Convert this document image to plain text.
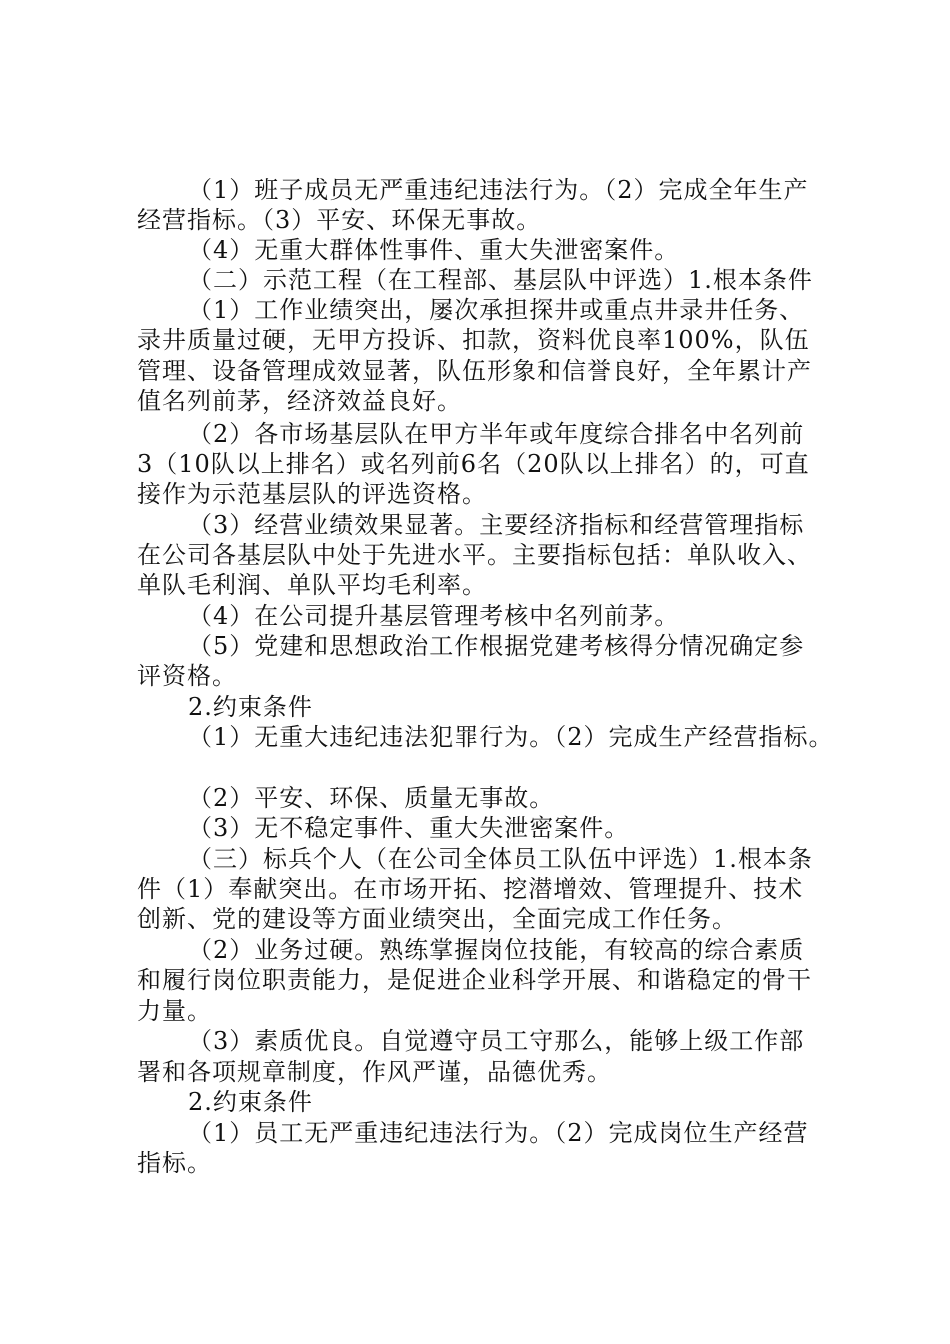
（1）班子成员无严重违纪违法行为。（2）完成全年生产

经营指标。（3）平安、环保无事故。

（4）无重大群体性事件、重大失泄密案件。

（二）示范工程（在工程部、基层队中评选）1.根本条件

（1）工作业绩突出，屡次承担探井或重点井录井任务、

录井质量过硬，无甲方投诉、扣款，资料优良率100%，队伍

管理、设备管理成效显著，队伍形象和信誉良好，全年累计产

值名列前茅，经济效益良好。

（2）各市场基层队在甲方半年或年度综合排名中名列前

3（10队以上排名）或名列前6名（20队以上排名）的，可直

接作为示范基层队的评选资格。

（3）经营业绩效果显著。主要经济指标和经营管理指标

在公司各基层队中处于先进水平。主要指标包括：单队收入、

单队毛利润、单队平均毛利率。

（4）在公司提升基层管理考核中名列前茅。

（5）党建和思想政治工作根据党建考核得分情况确定参

评资格。

2.约束条件

（1）无重大违纪违法犯罪行为。（2）完成生产经营指标。

（2）平安、环保、质量无事故。

（3）无不稳定事件、重大失泄密案件。

（三）标兵个人（在公司全体员工队伍中评选）1.根本条

件（1）奉献突出。在市场开拓、挖潜增效、管理提升、技术

创新、党的建设等方面业绩突出，全面完成工作任务。

（2）业务过硬。熟练掌握岗位技能，有较高的综合素质

和履行岗位职责能力，是促进企业科学开展、和谐稳定的骨干

力量。

（3）素质优良。自觉遵守员工守那么，能够上级工作部

署和各项规章制度，作风严谨，品德优秀。

2.约束条件

（1）员工无严重违纪违法行为。（2）完成岗位生产经营

指标。
